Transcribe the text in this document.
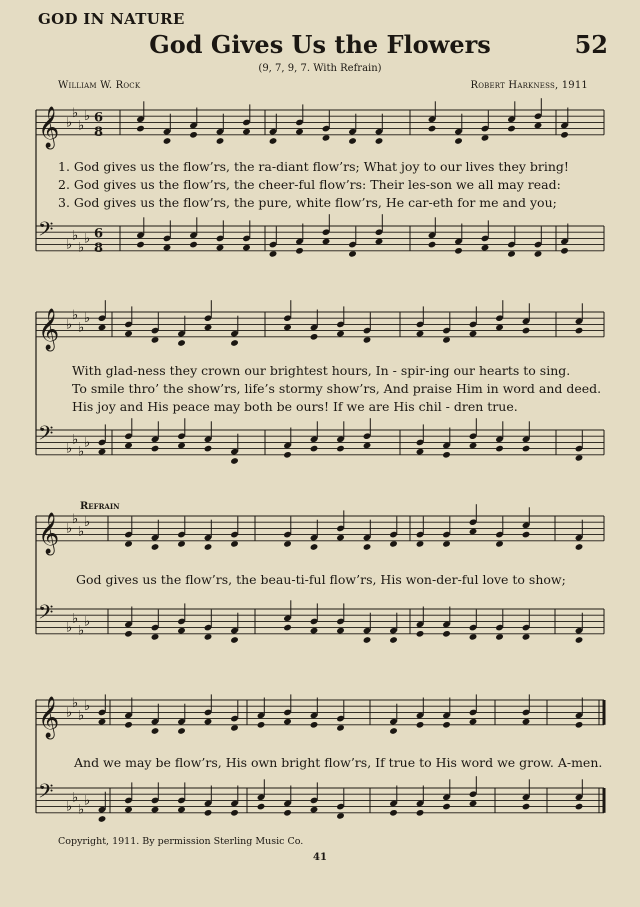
GOD IN NATURE
God Gives Us the Flowers	52
(9, 7, 9, 7. With Refrain)
William W. Rock	Robert Harkness, 1911
𝄞 ♭
♭
♭
♭ 6
8
𝄢 ♭
♭
♭
♭ 6
8
𝄞 ♭
♭
♭
♭
𝄢 ♭
♭
♭
♭
𝄞 ♭
♭
♭
♭
𝄢 ♭
♭
♭
♭
𝄞 ♭
♭
♭
♭
𝄢 ♭
♭
♭
♭
1. God gives us the flow’rs, the ra-diant flow’rs; What joy to our lives they bring!
2. God gives us the flow’rs, the cheer-ful flow’rs: Their les-son we all may read:
3. God gives us the flow’rs, the pure, white flow’rs, He car-eth for me and you;
With glad-ness they crown our brightest hours, In - spir-ing our hearts to sing.
To smile thro’ the show’rs, life’s stormy show’rs, And praise Him in word and deed.
His joy and His peace may both be ours! If we are His chil - dren true.
Refrain
God gives us the flow’rs, the beau-ti-ful flow’rs, His won-der-ful love to show;
And we may be flow’rs, His own bright flow’rs, If true to His word we grow. A-men.
Copyright, 1911. By permission Sterling Music Co.
41
